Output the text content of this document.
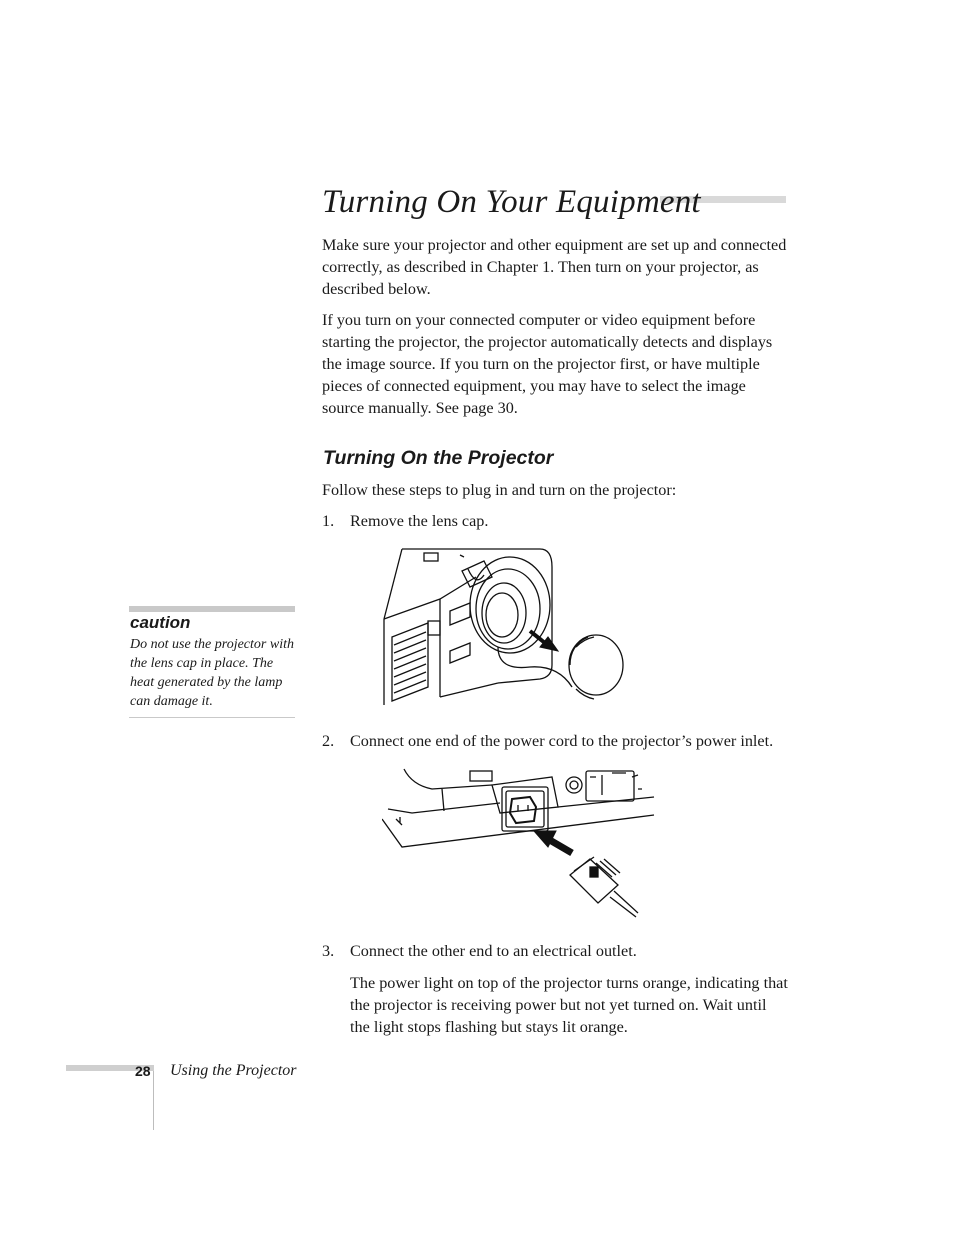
Turning On Your Equipment

Make sure your projector and other equipment are set up and connected correctly, as described in Chapter 1. Then turn on your projector, as described below.

If you turn on your connected computer or video equipment before starting the projector, the projector automatically detects and displays the image source. If you turn on the projector first, or have multiple pieces of connected equipment, you may have to select the image source manually. See page 30.

Turning On the Projector

Follow these steps to plug in and turn on the projector:

1. Remove the lens cap.

caution

Do not use the projector with the lens cap in place. The heat generated by the lamp can damage it.

2. Connect one end of the power cord to the projector’s power inlet.

3. Connect the other end to an electrical outlet.

The power light on top of the projector turns orange, indicating that the projector is receiving power but not yet turned on. Wait until the light stops flashing but stays lit orange.

28 Using the Projector
